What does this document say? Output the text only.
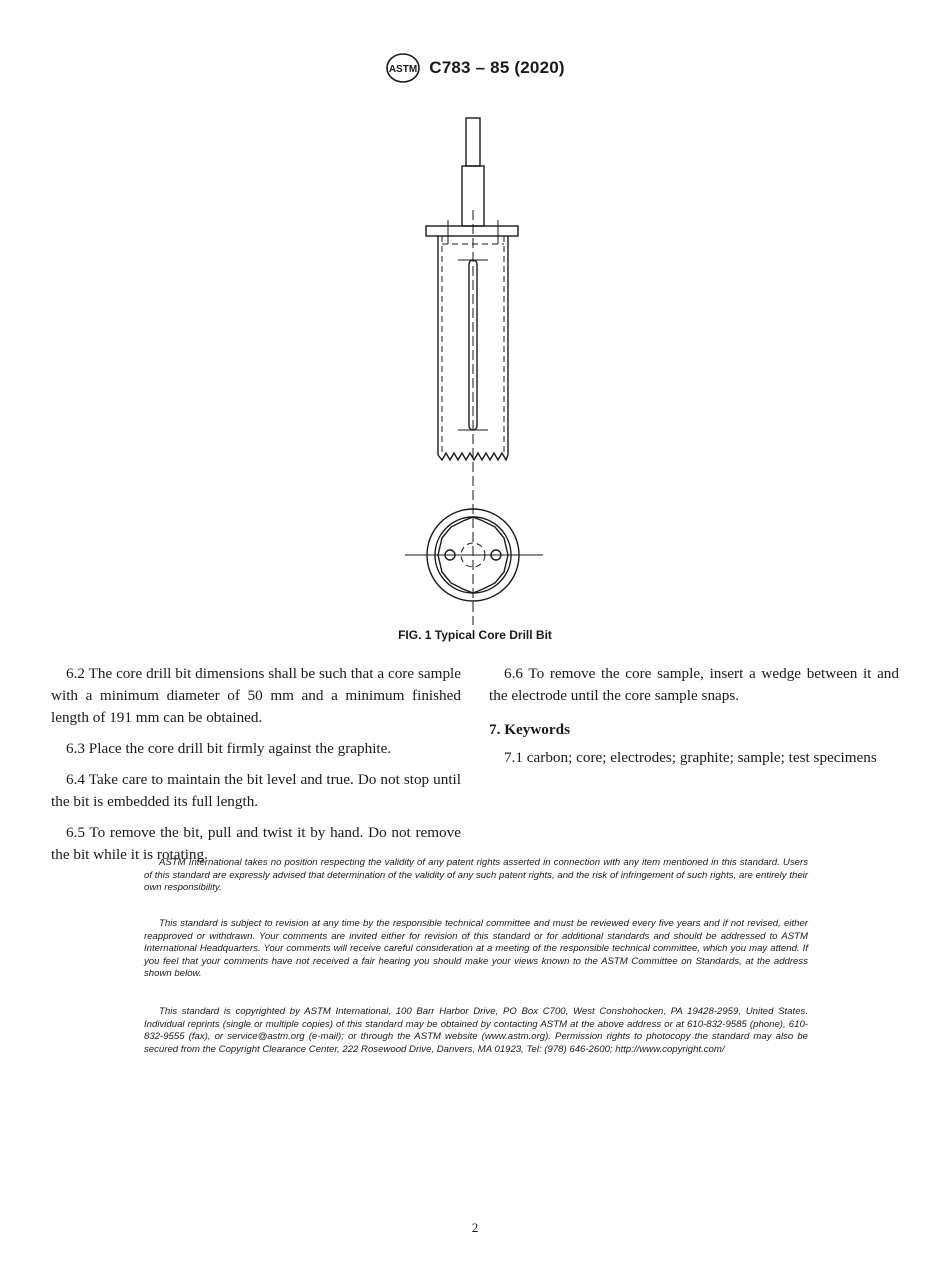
ASTM C783 – 85 (2020)
FIG. 1 Typical Core Drill Bit

6.2 The core drill bit dimensions shall be such that a core sample with a minimum diameter of 50 mm and a minimum finished length of 191 mm can be obtained.

6.3 Place the core drill bit firmly against the graphite.

6.4 Take care to maintain the bit level and true. Do not stop until the bit is embedded its full length.

6.5 To remove the bit, pull and twist it by hand. Do not remove the bit while it is rotating.

6.6 To remove the core sample, insert a wedge between it and the electrode until the core sample snaps.

7. Keywords

7.1 carbon; core; electrodes; graphite; sample; test specimens

ASTM International takes no position respecting the validity of any patent rights asserted in connection with any item mentioned in this standard. Users of this standard are expressly advised that determination of the validity of any such patent rights, and the risk of infringement of such rights, are entirely their own responsibility.

This standard is subject to revision at any time by the responsible technical committee and must be reviewed every five years and if not revised, either reapproved or withdrawn. Your comments are invited either for revision of this standard or for additional standards and should be addressed to ASTM International Headquarters. Your comments will receive careful consideration at a meeting of the responsible technical committee, which you may attend. If you feel that your comments have not received a fair hearing you should make your views known to the ASTM Committee on Standards, at the address shown below.

This standard is copyrighted by ASTM International, 100 Barr Harbor Drive, PO Box C700, West Conshohocken, PA 19428-2959, United States. Individual reprints (single or multiple copies) of this standard may be obtained by contacting ASTM at the above address or at 610-832-9585 (phone), 610-832-9555 (fax), or service@astm.org (e-mail); or through the ASTM website (www.astm.org). Permission rights to photocopy the standard may also be secured from the Copyright Clearance Center, 222 Rosewood Drive, Danvers, MA 01923, Tel: (978) 646-2600; http://www.copyright.com/

2
